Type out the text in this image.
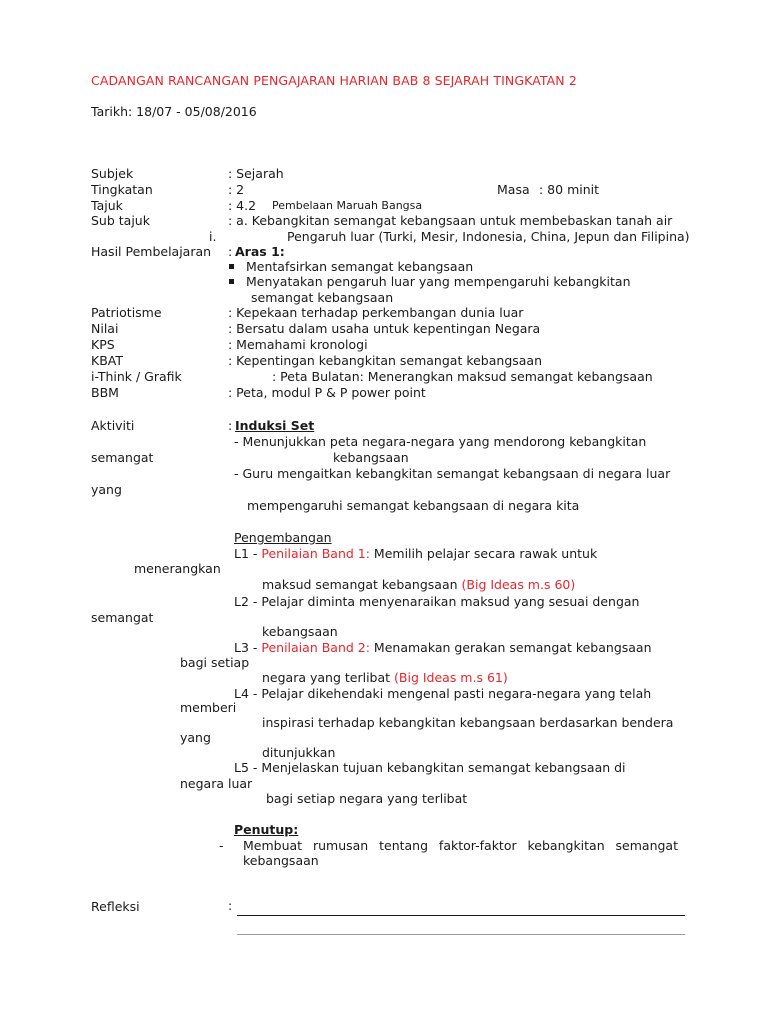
CADANGAN RANCANGAN PENGAJARAN HARIAN BAB 8 SEJARAH TINGKATAN 2
Tarikh: 18/07 - 05/08/2016
Subjek	: Sejarah
Tingkatan	: 2	Masa : 80 minit
Tajuk	: 4.2 Pembelaan Maruah Bangsa
Sub tajuk	: a. Kebangkitan semangat kebangsaan untuk membebaskan tanah air
i.	Pengaruh luar (Turki, Mesir, Indonesia, China, Jepun dan Filipina)
Hasil Pembelajaran : Aras 1:
Mentafsirkan semangat kebangsaan
Menyatakan pengaruh luar yang mempengaruhi kebangkitan
semangat kebangsaan
Patriotisme	: Kepekaan terhadap perkembangan dunia luar
Nilai	: Bersatu dalam usaha untuk kepentingan Negara
KPS	: Memahami kronologi
KBAT	: Kepentingan kebangkitan semangat kebangsaan
i-Think / Grafik	: Peta Bulatan: Menerangkan maksud semangat kebangsaan
BBM	: Peta, modul P & P power point
Aktiviti	: Induksi Set
- Menunjukkan peta negara-negara yang mendorong kebangkitan
semangat	kebangsaan
- Guru mengaitkan kebangkitan semangat kebangsaan di negara luar
yang
mempengaruhi semangat kebangsaan di negara kita
Pengembangan
L1 - Penilaian Band 1: Memilih pelajar secara rawak untuk
menerangkan
maksud semangat kebangsaan (Big Ideas m.s 60)
L2 - Pelajar diminta menyenaraikan maksud yang sesuai dengan
semangat
kebangsaan
L3 - Penilaian Band 2: Menamakan gerakan semangat kebangsaan
bagi setiap
negara yang terlibat (Big Ideas m.s 61)
L4 - Pelajar dikehendaki mengenal pasti negara-negara yang telah
memberi
inspirasi terhadap kebangkitan kebangsaan berdasarkan bendera
yang
ditunjukkan
L5 - Menjelaskan tujuan kebangkitan semangat kebangsaan di
negara luar
bagi setiap negara yang terlibat
Penutup:
- Membuat rumusan tentang faktor-faktor kebangkitan semangat
kebangsaan
Refleksi	:
